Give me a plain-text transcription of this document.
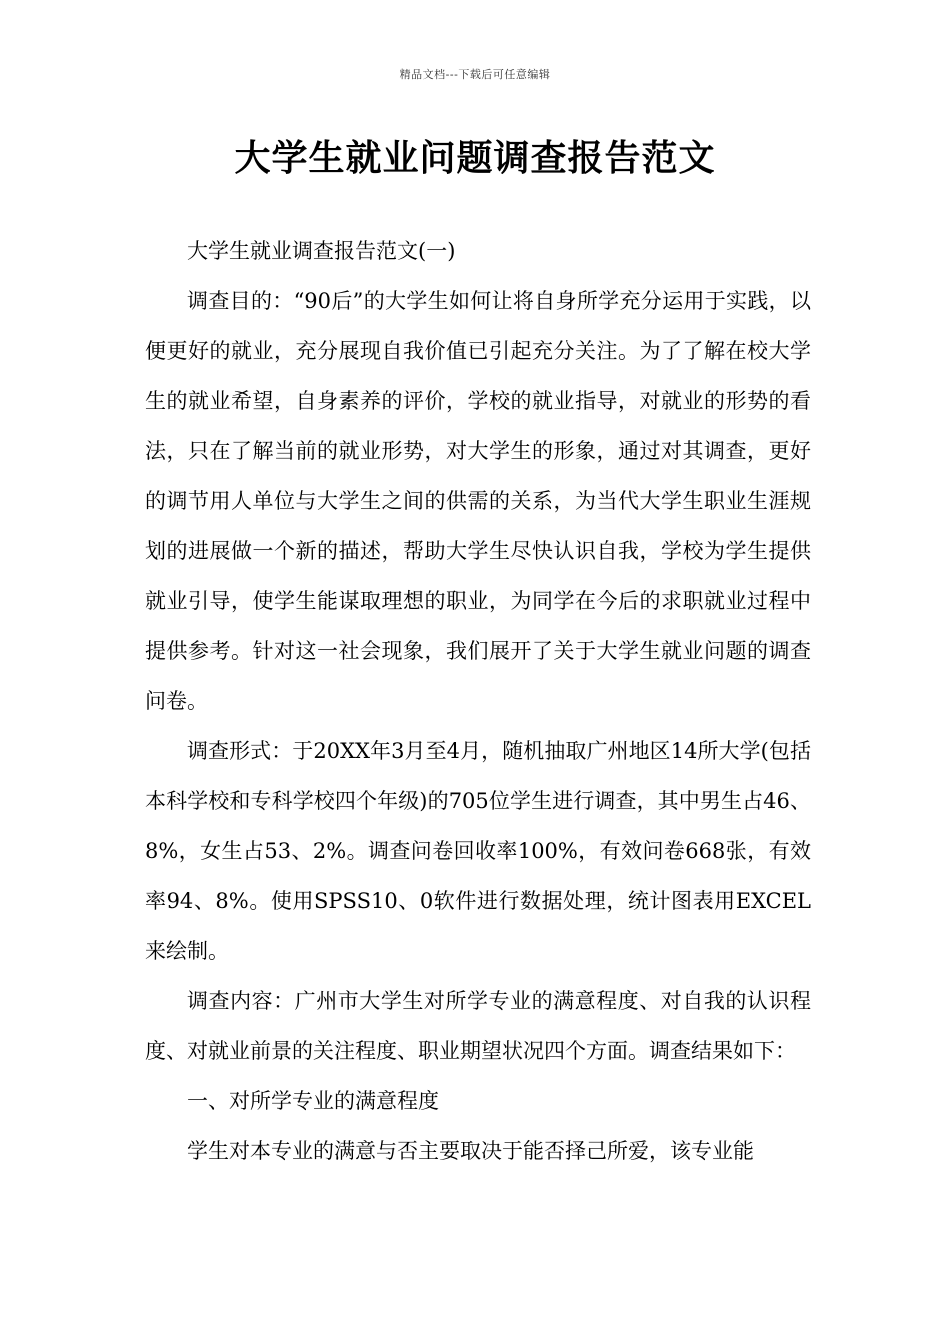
精品文档---下载后可任意编辑
大学生就业问题调查报告范文

大学生就业调查报告范文(一)

调查目的：“90后”的大学生如何让将自身所学充分运用于实践，以便更好的就业，充分展现自我价值已引起充分关注。为了了解在校大学生的就业希望，自身素养的评价，学校的就业指导，对就业的形势的看法，只在了解当前的就业形势，对大学生的形象，通过对其调查，更好的调节用人单位与大学生之间的供需的关系，为当代大学生职业生涯规划的进展做一个新的描述，帮助大学生尽快认识自我，学校为学生提供就业引导，使学生能谋取理想的职业，为同学在今后的求职就业过程中提供参考。针对这一社会现象，我们展开了关于大学生就业问题的调查问卷。

调查形式：于20XX年3月至4月，随机抽取广州地区14所大学(包括本科学校和专科学校四个年级)的705位学生进行调查，其中男生占46、8%，女生占53、2%。调查问卷回收率100%，有效问卷668张，有效率94、8%。使用SPSS10、0软件进行数据处理，统计图表用EXCEL来绘制。

调查内容：广州市大学生对所学专业的满意程度、对自我的认识程度、对就业前景的关注程度、职业期望状况四个方面。调查结果如下：

一、对所学专业的满意程度

学生对本专业的满意与否主要取决于能否择己所爱，该专业能
